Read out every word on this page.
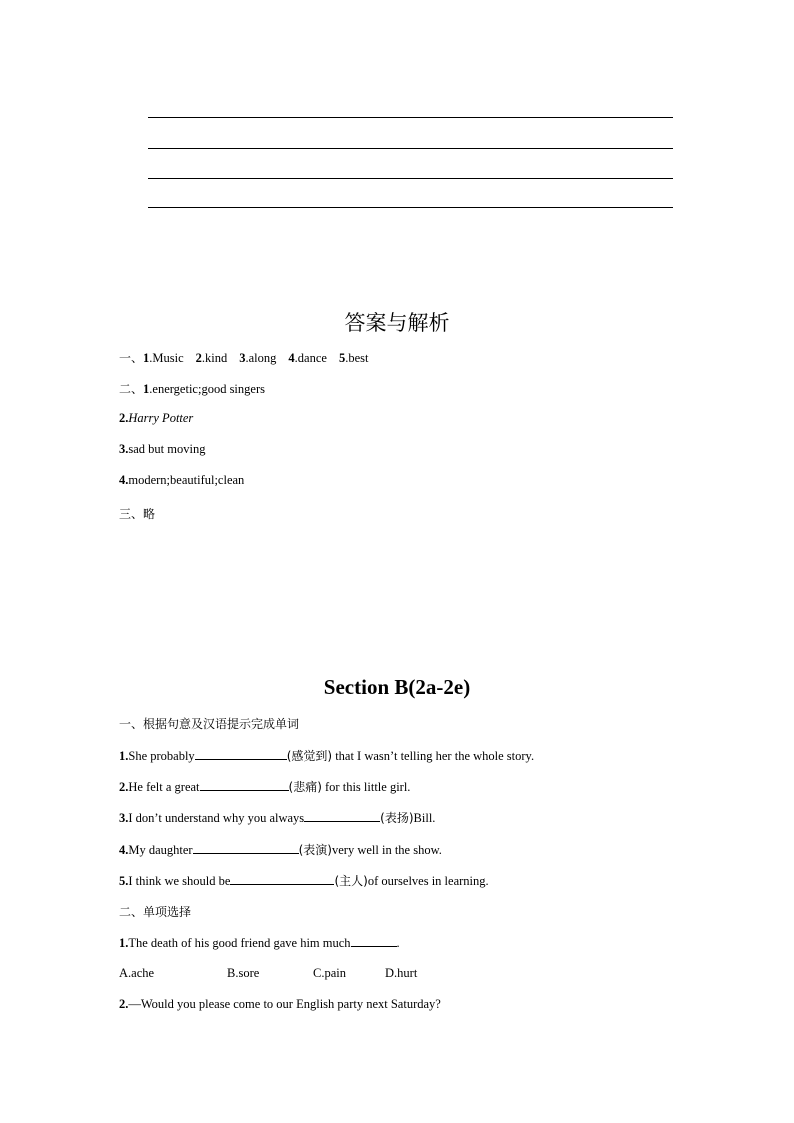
答案与解析
一、1.Music 2.kind 3.along 4.dance 5.best
二、1.energetic;good singers
2.Harry Potter
3.sad but moving
4.modern;beautiful;clean
三、略
Section B(2a-2e)
一、根据句意及汉语提示完成单词
1.She probably	(感觉到) that I wasn’t telling her the whole story.
2.He felt a great	(悲痛) for this little girl.
3.I don’t understand why you always	(表扬)Bill.
4.My daughter	(表演)very well in the show.
5.I think we should be	(主人)of ourselves in learning.
二、单项选择
1.The death of his good friend gave him much	.
A.ache	B.sore	C.pain	D.hurt
2.—Would you please come to our English party next Saturday?
